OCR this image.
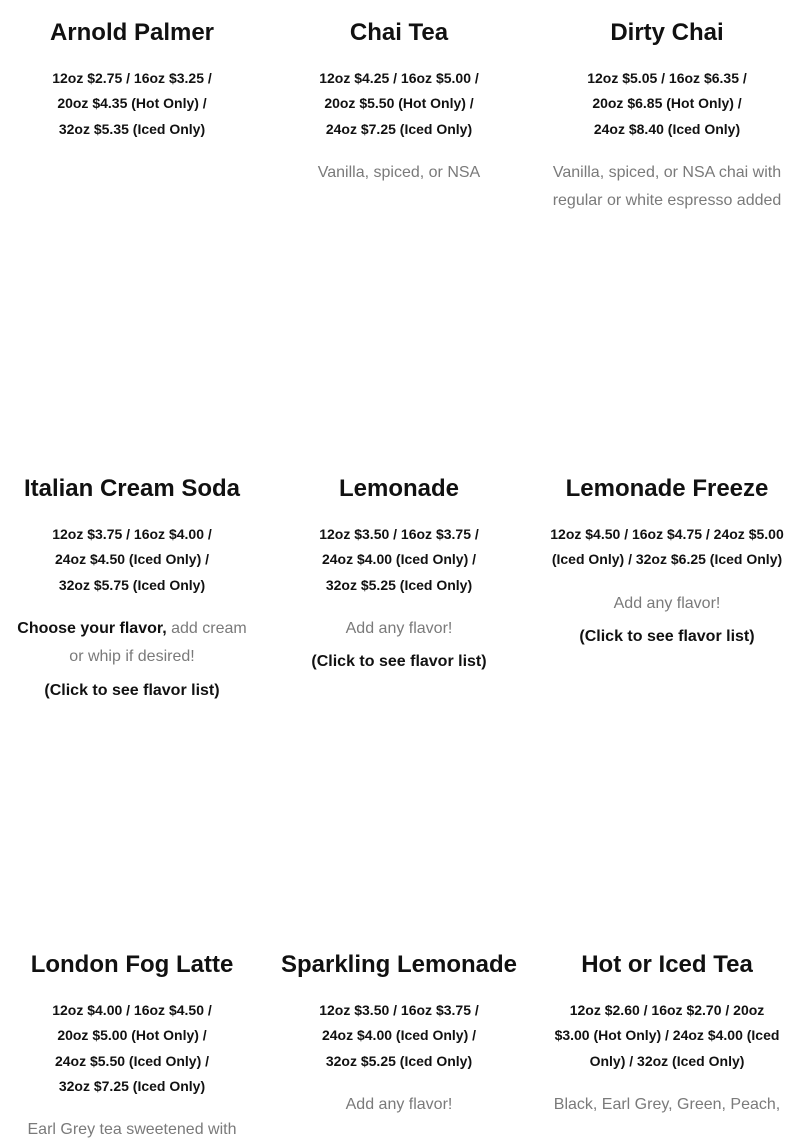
Arnold Palmer
12oz $2.75 / 16oz $3.25 / 20oz $4.35 (Hot Only) / 32oz $5.35 (Iced Only)
Chai Tea
12oz $4.25 / 16oz $5.00 / 20oz $5.50 (Hot Only) / 24oz $7.25 (Iced Only)
Vanilla, spiced, or NSA
Dirty Chai
12oz $5.05 / 16oz $6.35 / 20oz $6.85 (Hot Only) / 24oz $8.40 (Iced Only)
Vanilla, spiced, or NSA chai with regular or white espresso added
Italian Cream Soda
12oz $3.75 / 16oz $4.00 / 24oz $4.50 (Iced Only) / 32oz $5.75 (Iced Only)
Choose your flavor, add cream or whip if desired!
(Click to see flavor list)
Lemonade
12oz $3.50 / 16oz $3.75 / 24oz $4.00 (Iced Only) / 32oz $5.25 (Iced Only)
Add any flavor!
(Click to see flavor list)
Lemonade Freeze
12oz $4.50 / 16oz $4.75 / 24oz $5.00 (Iced Only) / 32oz $6.25 (Iced Only)
Add any flavor!
(Click to see flavor list)
London Fog Latte
12oz $4.00 / 16oz $4.50 / 20oz $5.00 (Hot Only) / 24oz $5.50 (Iced Only) / 32oz $7.25 (Iced Only)
Earl Grey tea sweetened with
Sparkling Lemonade
12oz $3.50 / 16oz $3.75 / 24oz $4.00 (Iced Only) / 32oz $5.25 (Iced Only)
Add any flavor!
Hot or Iced Tea
12oz $2.60 / 16oz $2.70 / 20oz $3.00 (Hot Only) / 24oz $4.00 (Iced Only) / 32oz (Iced Only)
Black, Earl Grey, Green, Peach,
